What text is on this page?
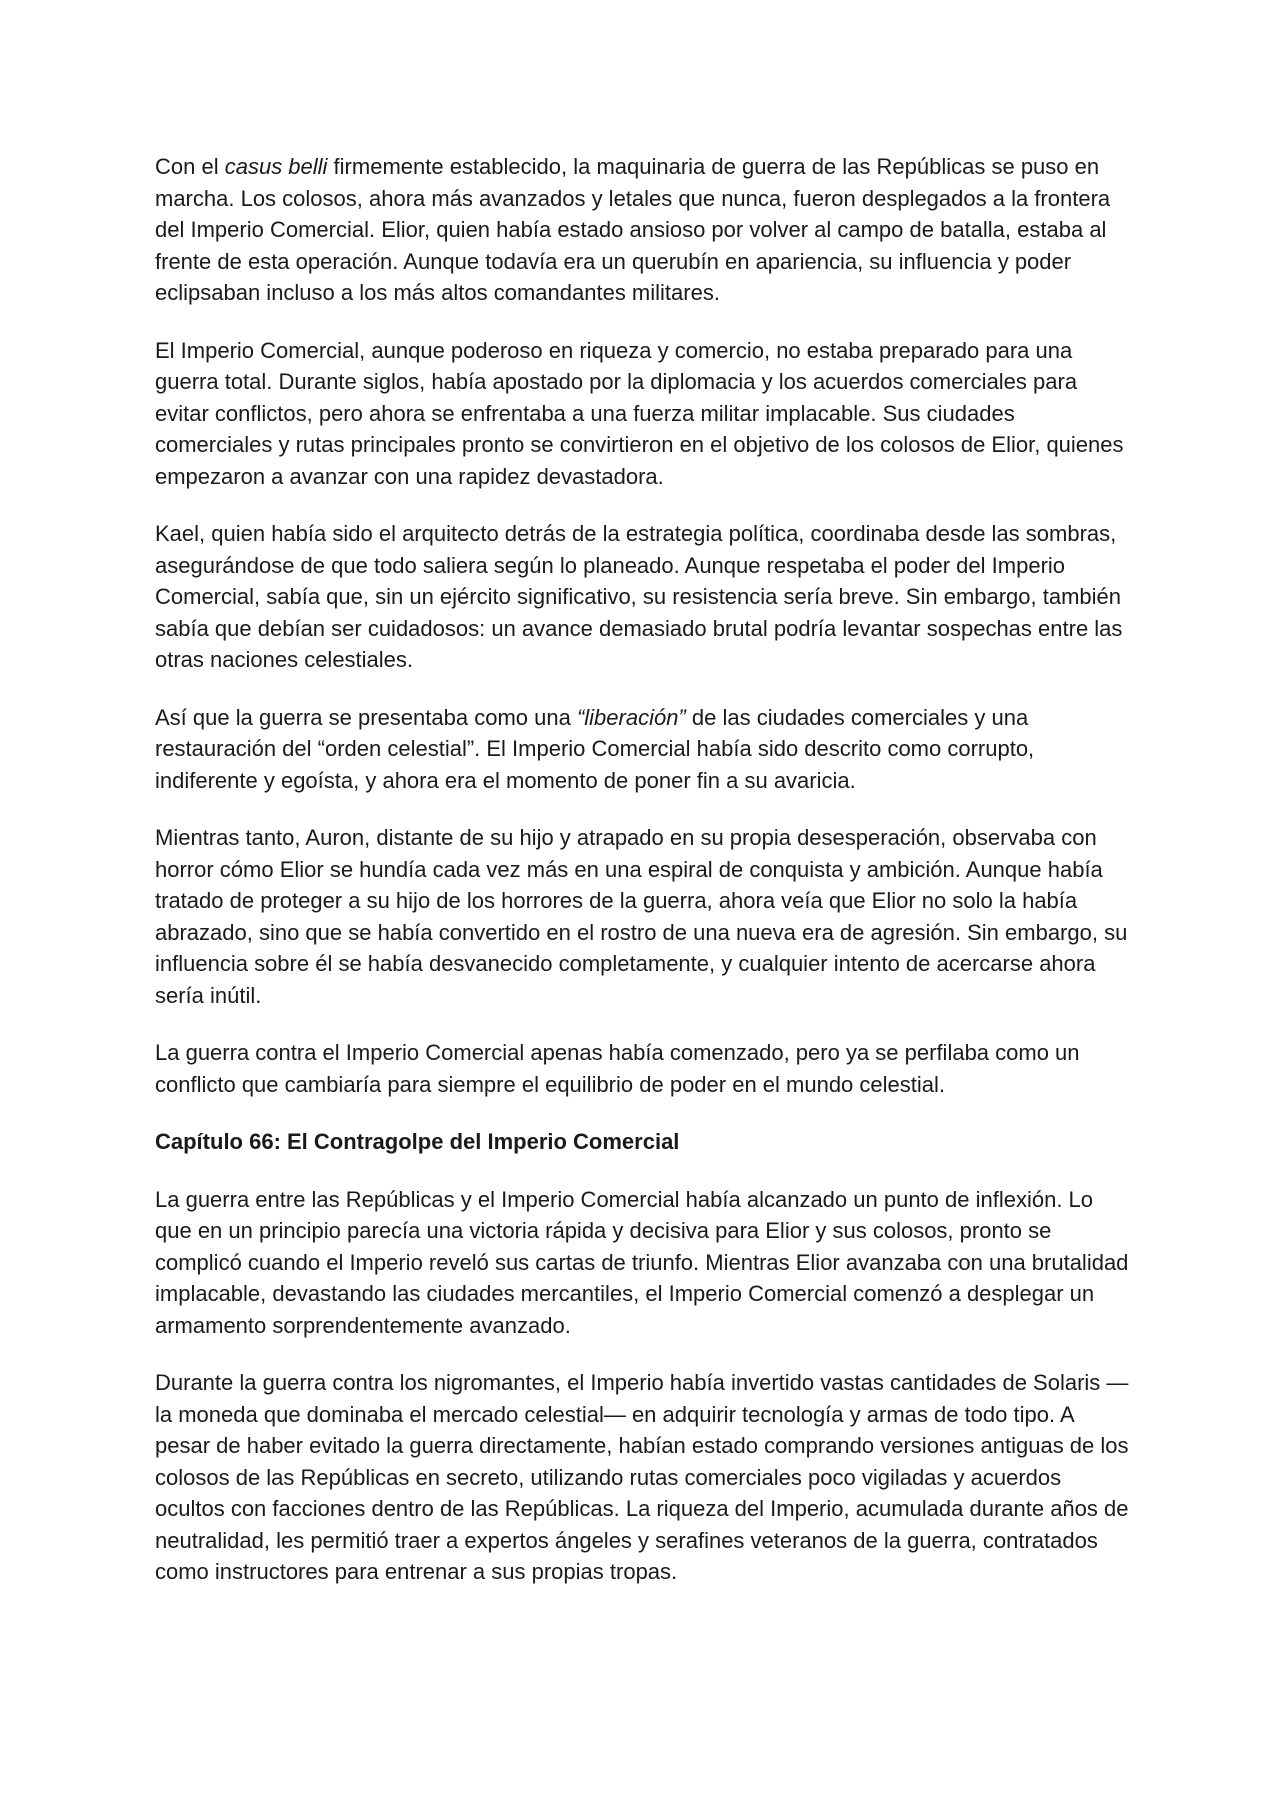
Con el casus belli firmemente establecido, la maquinaria de guerra de las Repúblicas se puso en marcha. Los colosos, ahora más avanzados y letales que nunca, fueron desplegados a la frontera del Imperio Comercial. Elior, quien había estado ansioso por volver al campo de batalla, estaba al frente de esta operación. Aunque todavía era un querubín en apariencia, su influencia y poder eclipsaban incluso a los más altos comandantes militares.

El Imperio Comercial, aunque poderoso en riqueza y comercio, no estaba preparado para una guerra total. Durante siglos, había apostado por la diplomacia y los acuerdos comerciales para evitar conflictos, pero ahora se enfrentaba a una fuerza militar implacable. Sus ciudades comerciales y rutas principales pronto se convirtieron en el objetivo de los colosos de Elior, quienes empezaron a avanzar con una rapidez devastadora.

Kael, quien había sido el arquitecto detrás de la estrategia política, coordinaba desde las sombras, asegurándose de que todo saliera según lo planeado. Aunque respetaba el poder del Imperio Comercial, sabía que, sin un ejército significativo, su resistencia sería breve. Sin embargo, también sabía que debían ser cuidadosos: un avance demasiado brutal podría levantar sospechas entre las otras naciones celestiales.

Así que la guerra se presentaba como una “liberación” de las ciudades comerciales y una restauración del “orden celestial”. El Imperio Comercial había sido descrito como corrupto, indiferente y egoísta, y ahora era el momento de poner fin a su avaricia.

Mientras tanto, Auron, distante de su hijo y atrapado en su propia desesperación, observaba con horror cómo Elior se hundía cada vez más en una espiral de conquista y ambición. Aunque había tratado de proteger a su hijo de los horrores de la guerra, ahora veía que Elior no solo la había abrazado, sino que se había convertido en el rostro de una nueva era de agresión. Sin embargo, su influencia sobre él se había desvanecido completamente, y cualquier intento de acercarse ahora sería inútil.

La guerra contra el Imperio Comercial apenas había comenzado, pero ya se perfilaba como un conflicto que cambiaría para siempre el equilibrio de poder en el mundo celestial.

Capítulo 66: El Contragolpe del Imperio Comercial

La guerra entre las Repúblicas y el Imperio Comercial había alcanzado un punto de inflexión. Lo que en un principio parecía una victoria rápida y decisiva para Elior y sus colosos, pronto se complicó cuando el Imperio reveló sus cartas de triunfo. Mientras Elior avanzaba con una brutalidad implacable, devastando las ciudades mercantiles, el Imperio Comercial comenzó a desplegar un armamento sorprendentemente avanzado.

Durante la guerra contra los nigromantes, el Imperio había invertido vastas cantidades de Solaris —la moneda que dominaba el mercado celestial— en adquirir tecnología y armas de todo tipo. A pesar de haber evitado la guerra directamente, habían estado comprando versiones antiguas de los colosos de las Repúblicas en secreto, utilizando rutas comerciales poco vigiladas y acuerdos ocultos con facciones dentro de las Repúblicas. La riqueza del Imperio, acumulada durante años de neutralidad, les permitió traer a expertos ángeles y serafines veteranos de la guerra, contratados como instructores para entrenar a sus propias tropas.
